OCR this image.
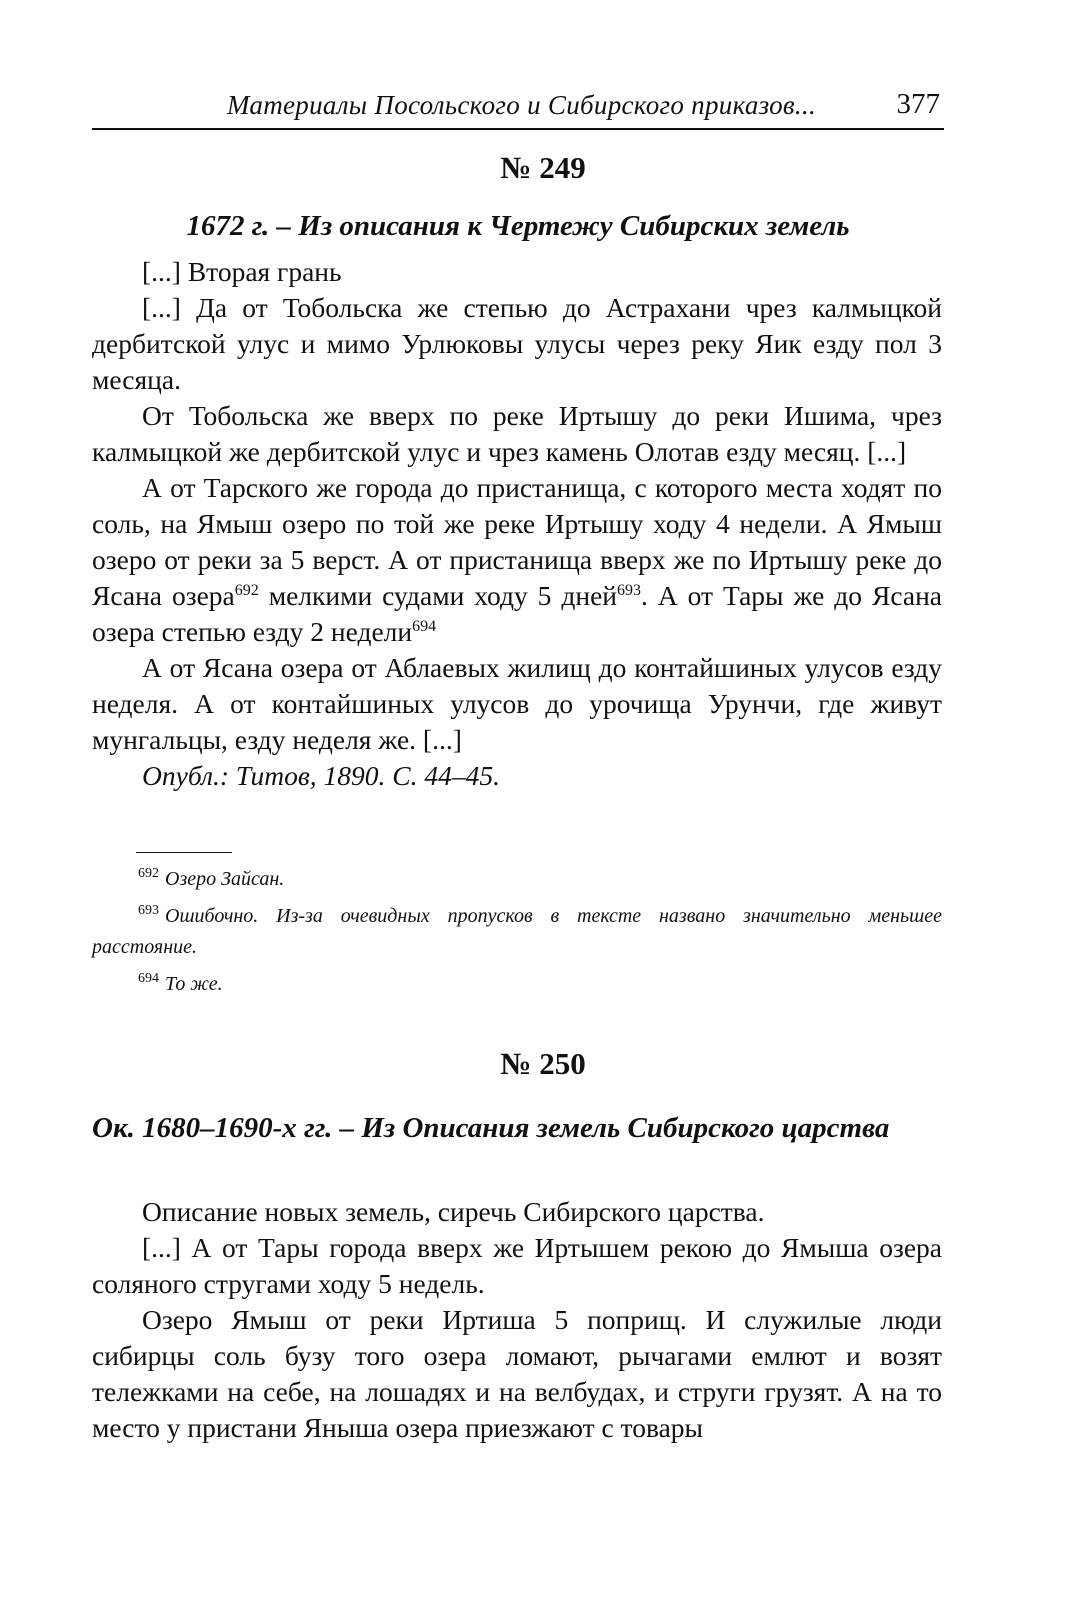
Материалы Посольского и Сибирского приказов...	377
№ 249
1672 г. – Из описания к Чертежу Сибирских земель

[...] Вторая грань

[...] Да от Тобольска же степью до Астрахани чрез калмыцкой дербитской улус и мимо Урлюковы улусы через реку Яик езду пол 3 месяца.

От Тобольска же вверх по реке Иртышу до реки Ишима, чрез калмыцкой же дербитской улус и чрез камень Олотав езду месяц. [...]

А от Тарского же города до пристанища, с которого места ходят по соль, на Ямыш озеро по той же реке Иртышу ходу 4 недели. А Ямыш озеро от реки за 5 верст. А от пристанища вверх же по Иртышу реке до Ясана озера$^{692}$ мелкими судами ходу 5 дней$^{693}$. А от Тары же до Ясана озера степью езду 2 недели$^{694}$

А от Ясана озера от Аблаевых жилищ до контайшиных улусов езду неделя. А от контайшиных улусов до урочища Урунчи, где живут мунгальцы, езду неделя же. [...]

Опубл.: Титов, 1890. С. 44–45.

$^{692}$ Озеро Зайсан.

$^{693}$ Ошибочно. Из-за очевидных пропусков в тексте названо значительно меньшее расстояние.

$^{694}$ То же.

№ 250
Ок. 1680–1690-х гг. – Из Описания земель Сибирского царства

Описание новых земель, сиречь Сибирского царства.

[...] А от Тары города вверх же Иртышем рекою до Ямыша озера соляного стругами ходу 5 недель.

Озеро Ямыш от реки Иртиша 5 поприщ. И служилые люди сибирцы соль бузу того озера ломают, рычагами емлют и возят тележками на себе, на лошадях и на велбудах, и струги грузят. А на то место у пристани Яныша озера приезжают с товары
